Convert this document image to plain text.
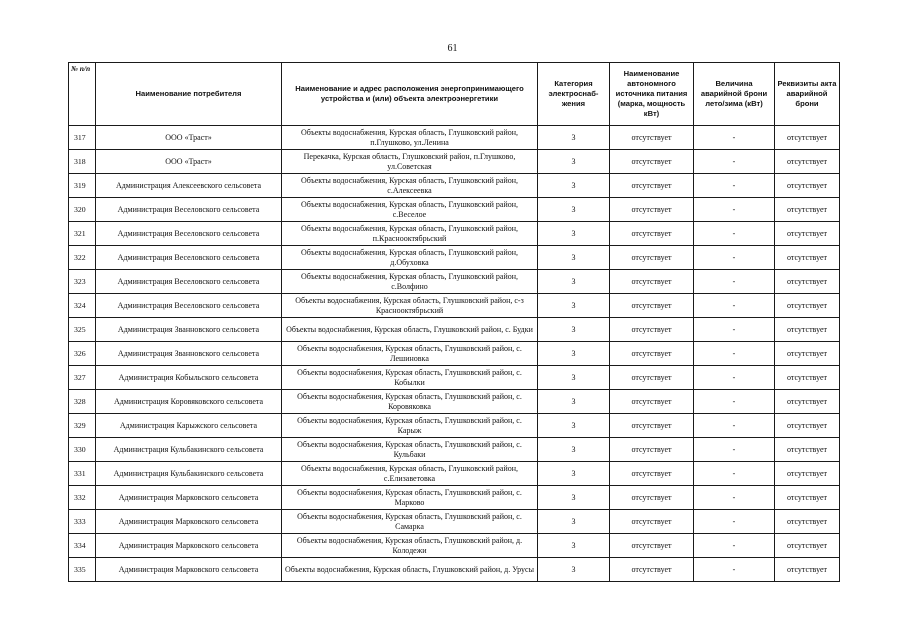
61
№ п/п	Наименование потребителя	Наименование и адрес расположения энергопринимающего устройства и (или) объекта электроэнергетики	Категория электроснаб-жения	Наименование автономного источника питания (марка, мощность кВт)	Величина аварийной брони лето/зима (кВт)	Реквизиты акта аварийной брони
317	ООО «Траст»	Объекты водоснабжения, Курская область, Глушковский район, п.Глушково, ул.Ленина	3	отсутствует	-	отсутствует
318	ООО «Траст»	Перекачка, Курская область, Глушковский район, п.Глушково, ул.Советская	3	отсутствует	-	отсутствует
319	Администрация Алексеевского сельсовета	Объекты водоснабжения, Курская область, Глушковский район, с.Алексеевка	3	отсутствует	-	отсутствует
320	Администрация Веселовского сельсовета	Объекты водоснабжения, Курская область, Глушковский район, с.Веселое	3	отсутствует	-	отсутствует
321	Администрация Веселовского сельсовета	Объекты водоснабжения, Курская область, Глушковский район, п.Краснооктябрьский	3	отсутствует	-	отсутствует
322	Администрация Веселовского сельсовета	Объекты водоснабжения, Курская область, Глушковский район, д.Обуховка	3	отсутствует	-	отсутствует
323	Администрация Веселовского сельсовета	Объекты водоснабжения, Курская область, Глушковский район, с.Волфино	3	отсутствует	-	отсутствует
324	Администрация Веселовского сельсовета	Объекты водоснабжения, Курская область, Глушковский район, с-з Краснооктябрьский	3	отсутствует	-	отсутствует
325	Администрация Званновского сельсовета	Объекты водоснабжения, Курская область, Глушковский район, с. Будки	3	отсутствует	-	отсутствует
326	Администрация Званновского сельсовета	Объекты водоснабжения, Курская область, Глушковский район, с. Лешиновка	3	отсутствует	-	отсутствует
327	Администрация Кобыльского сельсовета	Объекты водоснабжения, Курская область, Глушковский район, с. Кобылки	3	отсутствует	-	отсутствует
328	Администрация Коровяковского сельсовета	Объекты водоснабжения, Курская область, Глушковский район, с. Коровяковка	3	отсутствует	-	отсутствует
329	Администрация Карыжского сельсовета	Объекты водоснабжения, Курская область, Глушковский район, с. Карыж	3	отсутствует	-	отсутствует
330	Администрация Кульбакинского сельсовета	Объекты водоснабжения, Курская область, Глушковский район, с. Кульбаки	3	отсутствует	-	отсутствует
331	Администрация Кульбакинского сельсовета	Объекты водоснабжения, Курская область, Глушковский район, с.Елизаветовка	3	отсутствует	-	отсутствует
332	Администрация Марковского сельсовета	Объекты водоснабжения, Курская область, Глушковский район, с. Марково	3	отсутствует	-	отсутствует
333	Администрация Марковского сельсовета	Объекты водоснабжения, Курская область, Глушковский район, с. Самарка	3	отсутствует	-	отсутствует
334	Администрация Марковского сельсовета	Объекты водоснабжения, Курская область, Глушковский район, д. Колодежи	3	отсутствует	-	отсутствует
335	Администрация Марковского сельсовета	Объекты водоснабжения, Курская область, Глушковский район, д. Урусы	3	отсутствует	-	отсутствует
